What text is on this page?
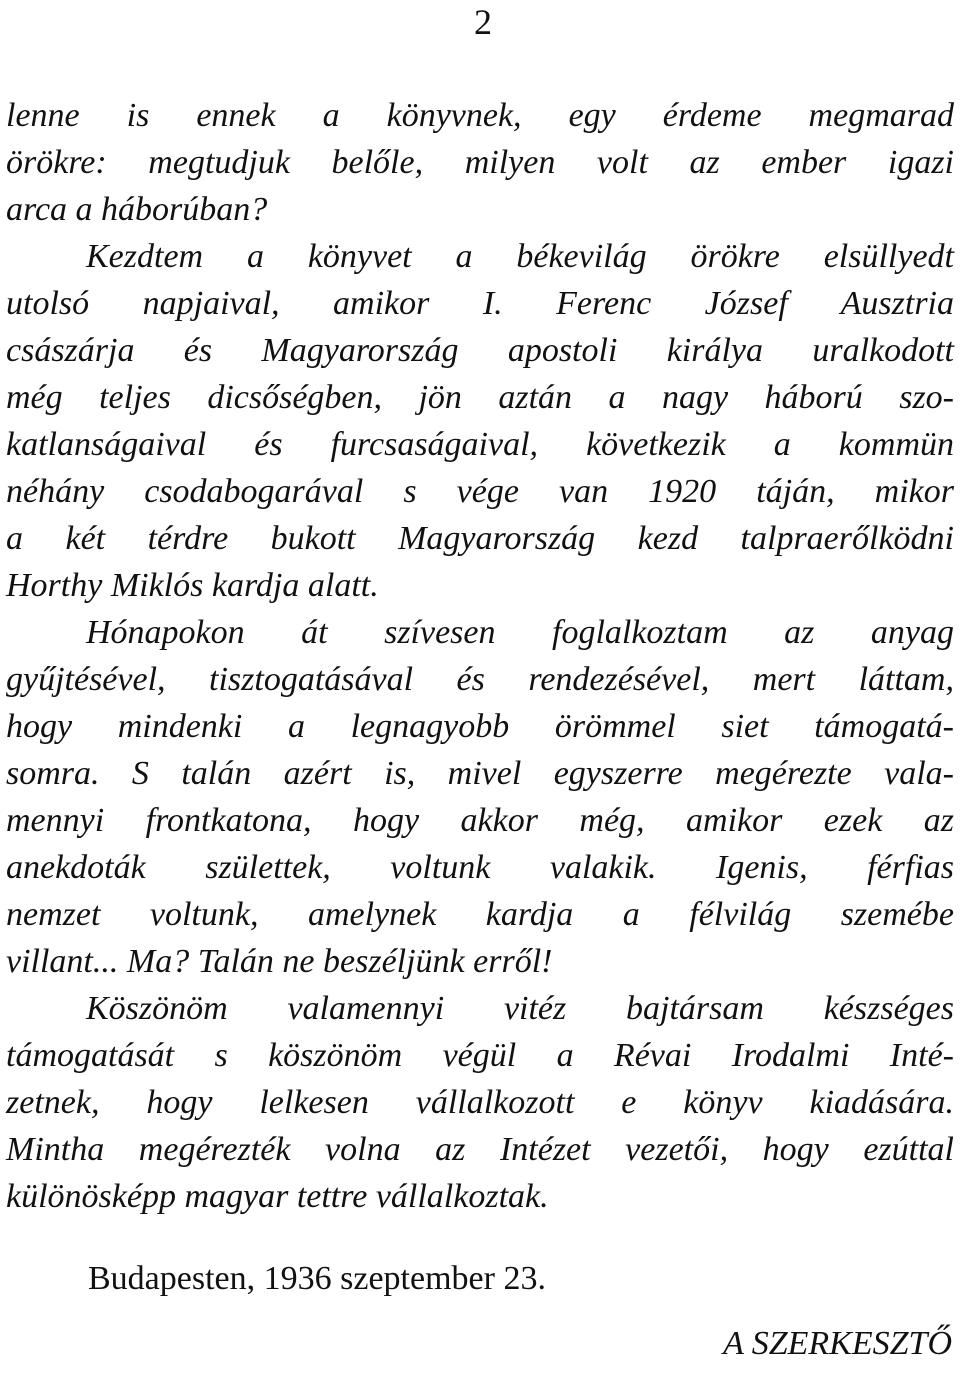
2
lenne is ennek a könyvnek, egy érdeme megmarad
örökre: megtudjuk belőle, milyen volt az ember igazi
arca a háborúban?
Kezdtem a könyvet a békevilág örökre elsüllyedt
utolsó napjaival, amikor I. Ferenc József Ausztria
császárja és Magyarország apostoli királya uralkodott
még teljes dicsőségben, jön aztán a nagy háború szo-
katlanságaival és furcsaságaival, következik a kommün
néhány csodabogarával s vége van 1920 táján, mikor
a két térdre bukott Magyarország kezd talpraerőlködni
Horthy Miklós kardja alatt.
Hónapokon át szívesen foglalkoztam az anyag
gyűjtésével, tisztogatásával és rendezésével, mert láttam,
hogy mindenki a legnagyobb örömmel siet támogatá-
somra. S talán azért is, mivel egyszerre megérezte vala-
mennyi frontkatona, hogy akkor még, amikor ezek az
anekdoták születtek, voltunk valakik. Igenis, férfias
nemzet voltunk, amelynek kardja a félvilág szemébe
villant... Ma? Talán ne beszéljünk erről!
Köszönöm valamennyi vitéz bajtársam készséges
támogatását s köszönöm végül a Révai Irodalmi Inté-
zetnek, hogy lelkesen vállalkozott e könyv kiadására.
Mintha megérezték volna az Intézet vezetői, hogy ezúttal
különösképp magyar tettre vállalkoztak.
Budapesten, 1936 szeptember 23.
A SZERKESZTŐ
